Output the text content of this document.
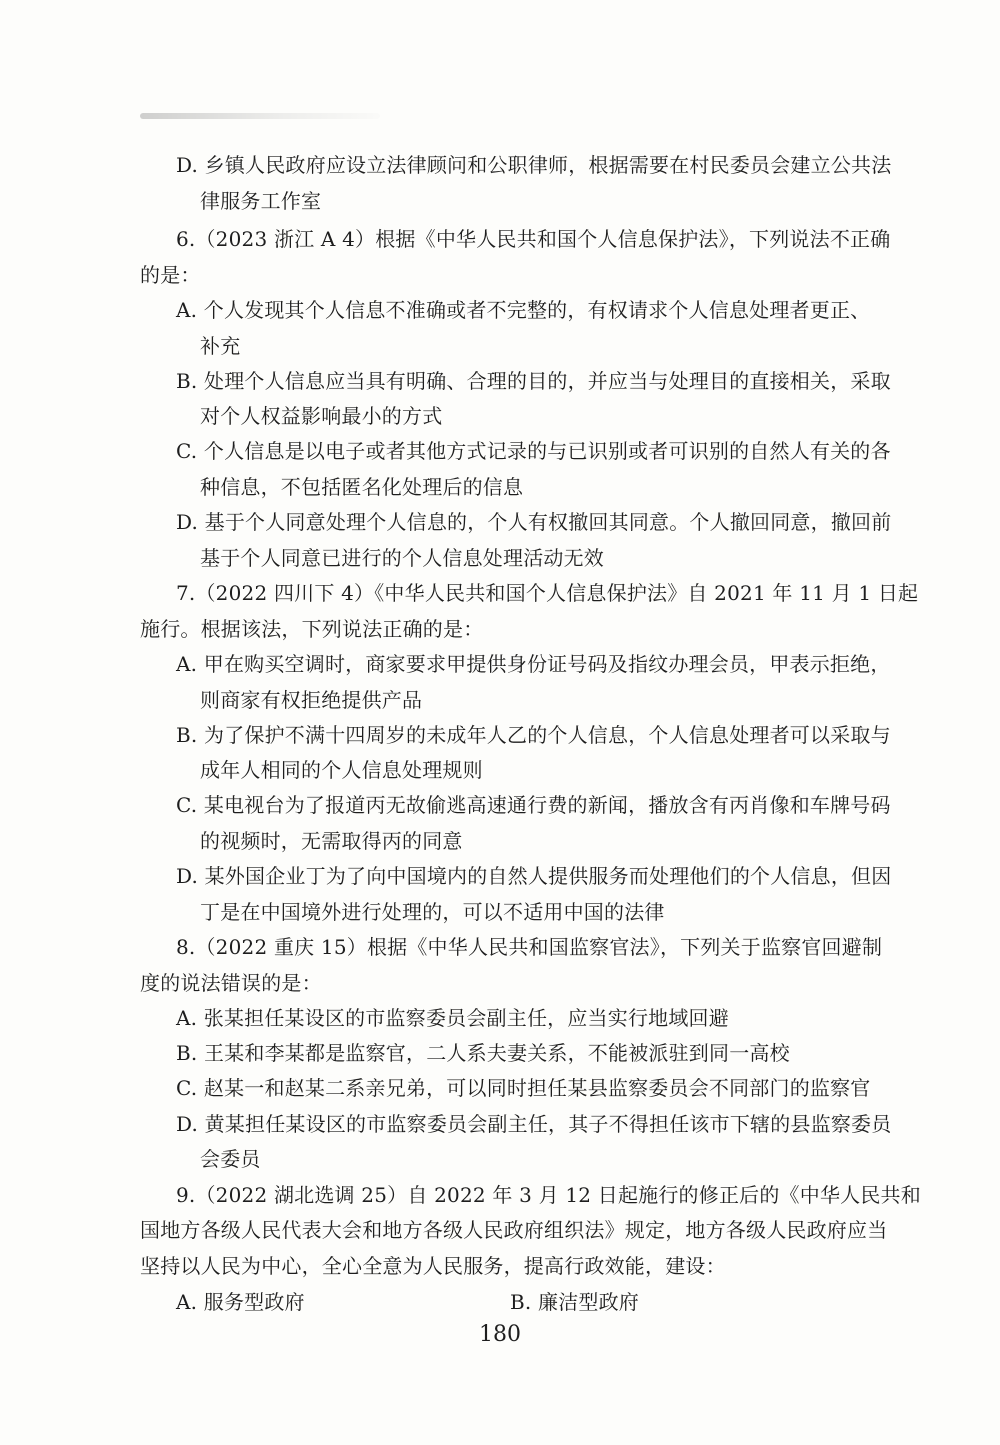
D. 乡镇人民政府应设立法律顾问和公职律师，根据需要在村民委员会建立公共法
律服务工作室
6.（2023 浙江 A 4）根据《中华人民共和国个人信息保护法》，下列说法不正确
的是：
A. 个人发现其个人信息不准确或者不完整的，有权请求个人信息处理者更正、
补充
B. 处理个人信息应当具有明确、合理的目的，并应当与处理目的直接相关，采取
对个人权益影响最小的方式
C. 个人信息是以电子或者其他方式记录的与已识别或者可识别的自然人有关的各
种信息，不包括匿名化处理后的信息
D. 基于个人同意处理个人信息的，个人有权撤回其同意。个人撤回同意，撤回前
基于个人同意已进行的个人信息处理活动无效
7.（2022 四川下 4）《中华人民共和国个人信息保护法》自 2021 年 11 月 1 日起
施行。根据该法，下列说法正确的是：
A. 甲在购买空调时，商家要求甲提供身份证号码及指纹办理会员，甲表示拒绝，
则商家有权拒绝提供产品
B. 为了保护不满十四周岁的未成年人乙的个人信息，个人信息处理者可以采取与
成年人相同的个人信息处理规则
C. 某电视台为了报道丙无故偷逃高速通行费的新闻，播放含有丙肖像和车牌号码
的视频时，无需取得丙的同意
D. 某外国企业丁为了向中国境内的自然人提供服务而处理他们的个人信息，但因
丁是在中国境外进行处理的，可以不适用中国的法律
8.（2022 重庆 15）根据《中华人民共和国监察官法》，下列关于监察官回避制
度的说法错误的是：
A. 张某担任某设区的市监察委员会副主任，应当实行地域回避
B. 王某和李某都是监察官，二人系夫妻关系，不能被派驻到同一高校
C. 赵某一和赵某二系亲兄弟，可以同时担任某县监察委员会不同部门的监察官
D. 黄某担任某设区的市监察委员会副主任，其子不得担任该市下辖的县监察委员
会委员
9.（2022 湖北选调 25）自 2022 年 3 月 12 日起施行的修正后的《中华人民共和
国地方各级人民代表大会和地方各级人民政府组织法》规定，地方各级人民政府应当
坚持以人民为中心，全心全意为人民服务，提高行政效能，建设：
A. 服务型政府	B. 廉洁型政府
180
